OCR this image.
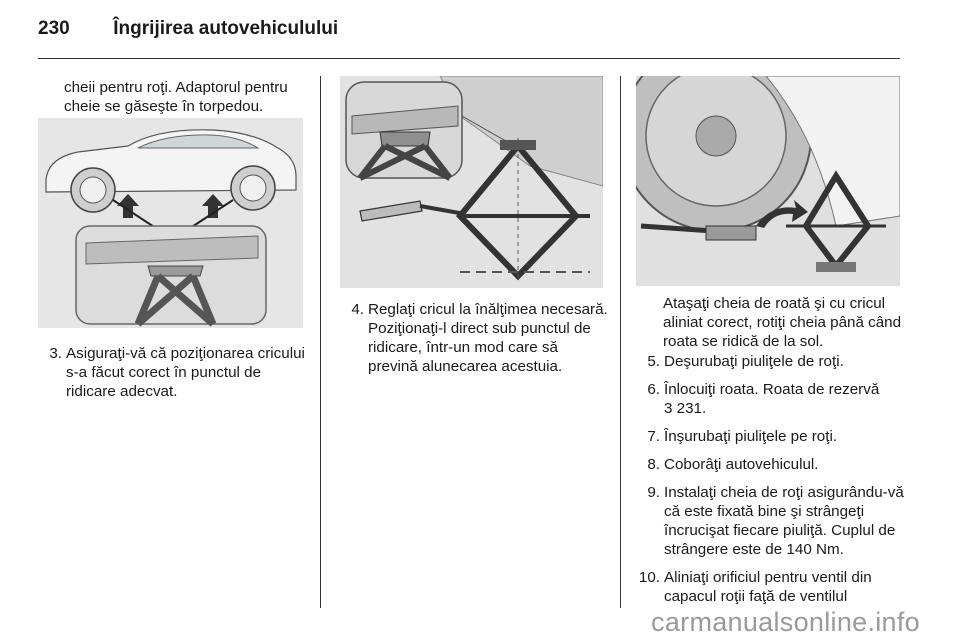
230 Îngrijirea autovehiculului
cheii pentru roţi. Adaptorul pentru cheie se găseşte în torpedou.
3. Asiguraţi-vă că poziţionarea cricului s-a făcut corect în punctul de ridicare adecvat.
4. Reglaţi cricul la înălţimea necesară. Poziţionaţi-l direct sub punctul de ridicare, într-un mod care să prevină alunecarea acestuia.
Ataşaţi cheia de roată şi cu cricul aliniat corect, rotiţi cheia până când roata se ridică de la sol.
5. Deşurubaţi piuliţele de roţi.
6. Înlocuiţi roata. Roata de rezervă
3 231.
7. Înşurubaţi piuliţele pe roţi.
8. Coborâţi autovehiculul.
9. Instalaţi cheia de roţi asigurându-vă că este fixată bine şi strângeţi încrucişat fiecare piuliţă. Cuplul de strângere este de 140 Nm.
10. Aliniaţi orificiul pentru ventil din capacul roţii faţă de ventilul
carmanualsonline.info
